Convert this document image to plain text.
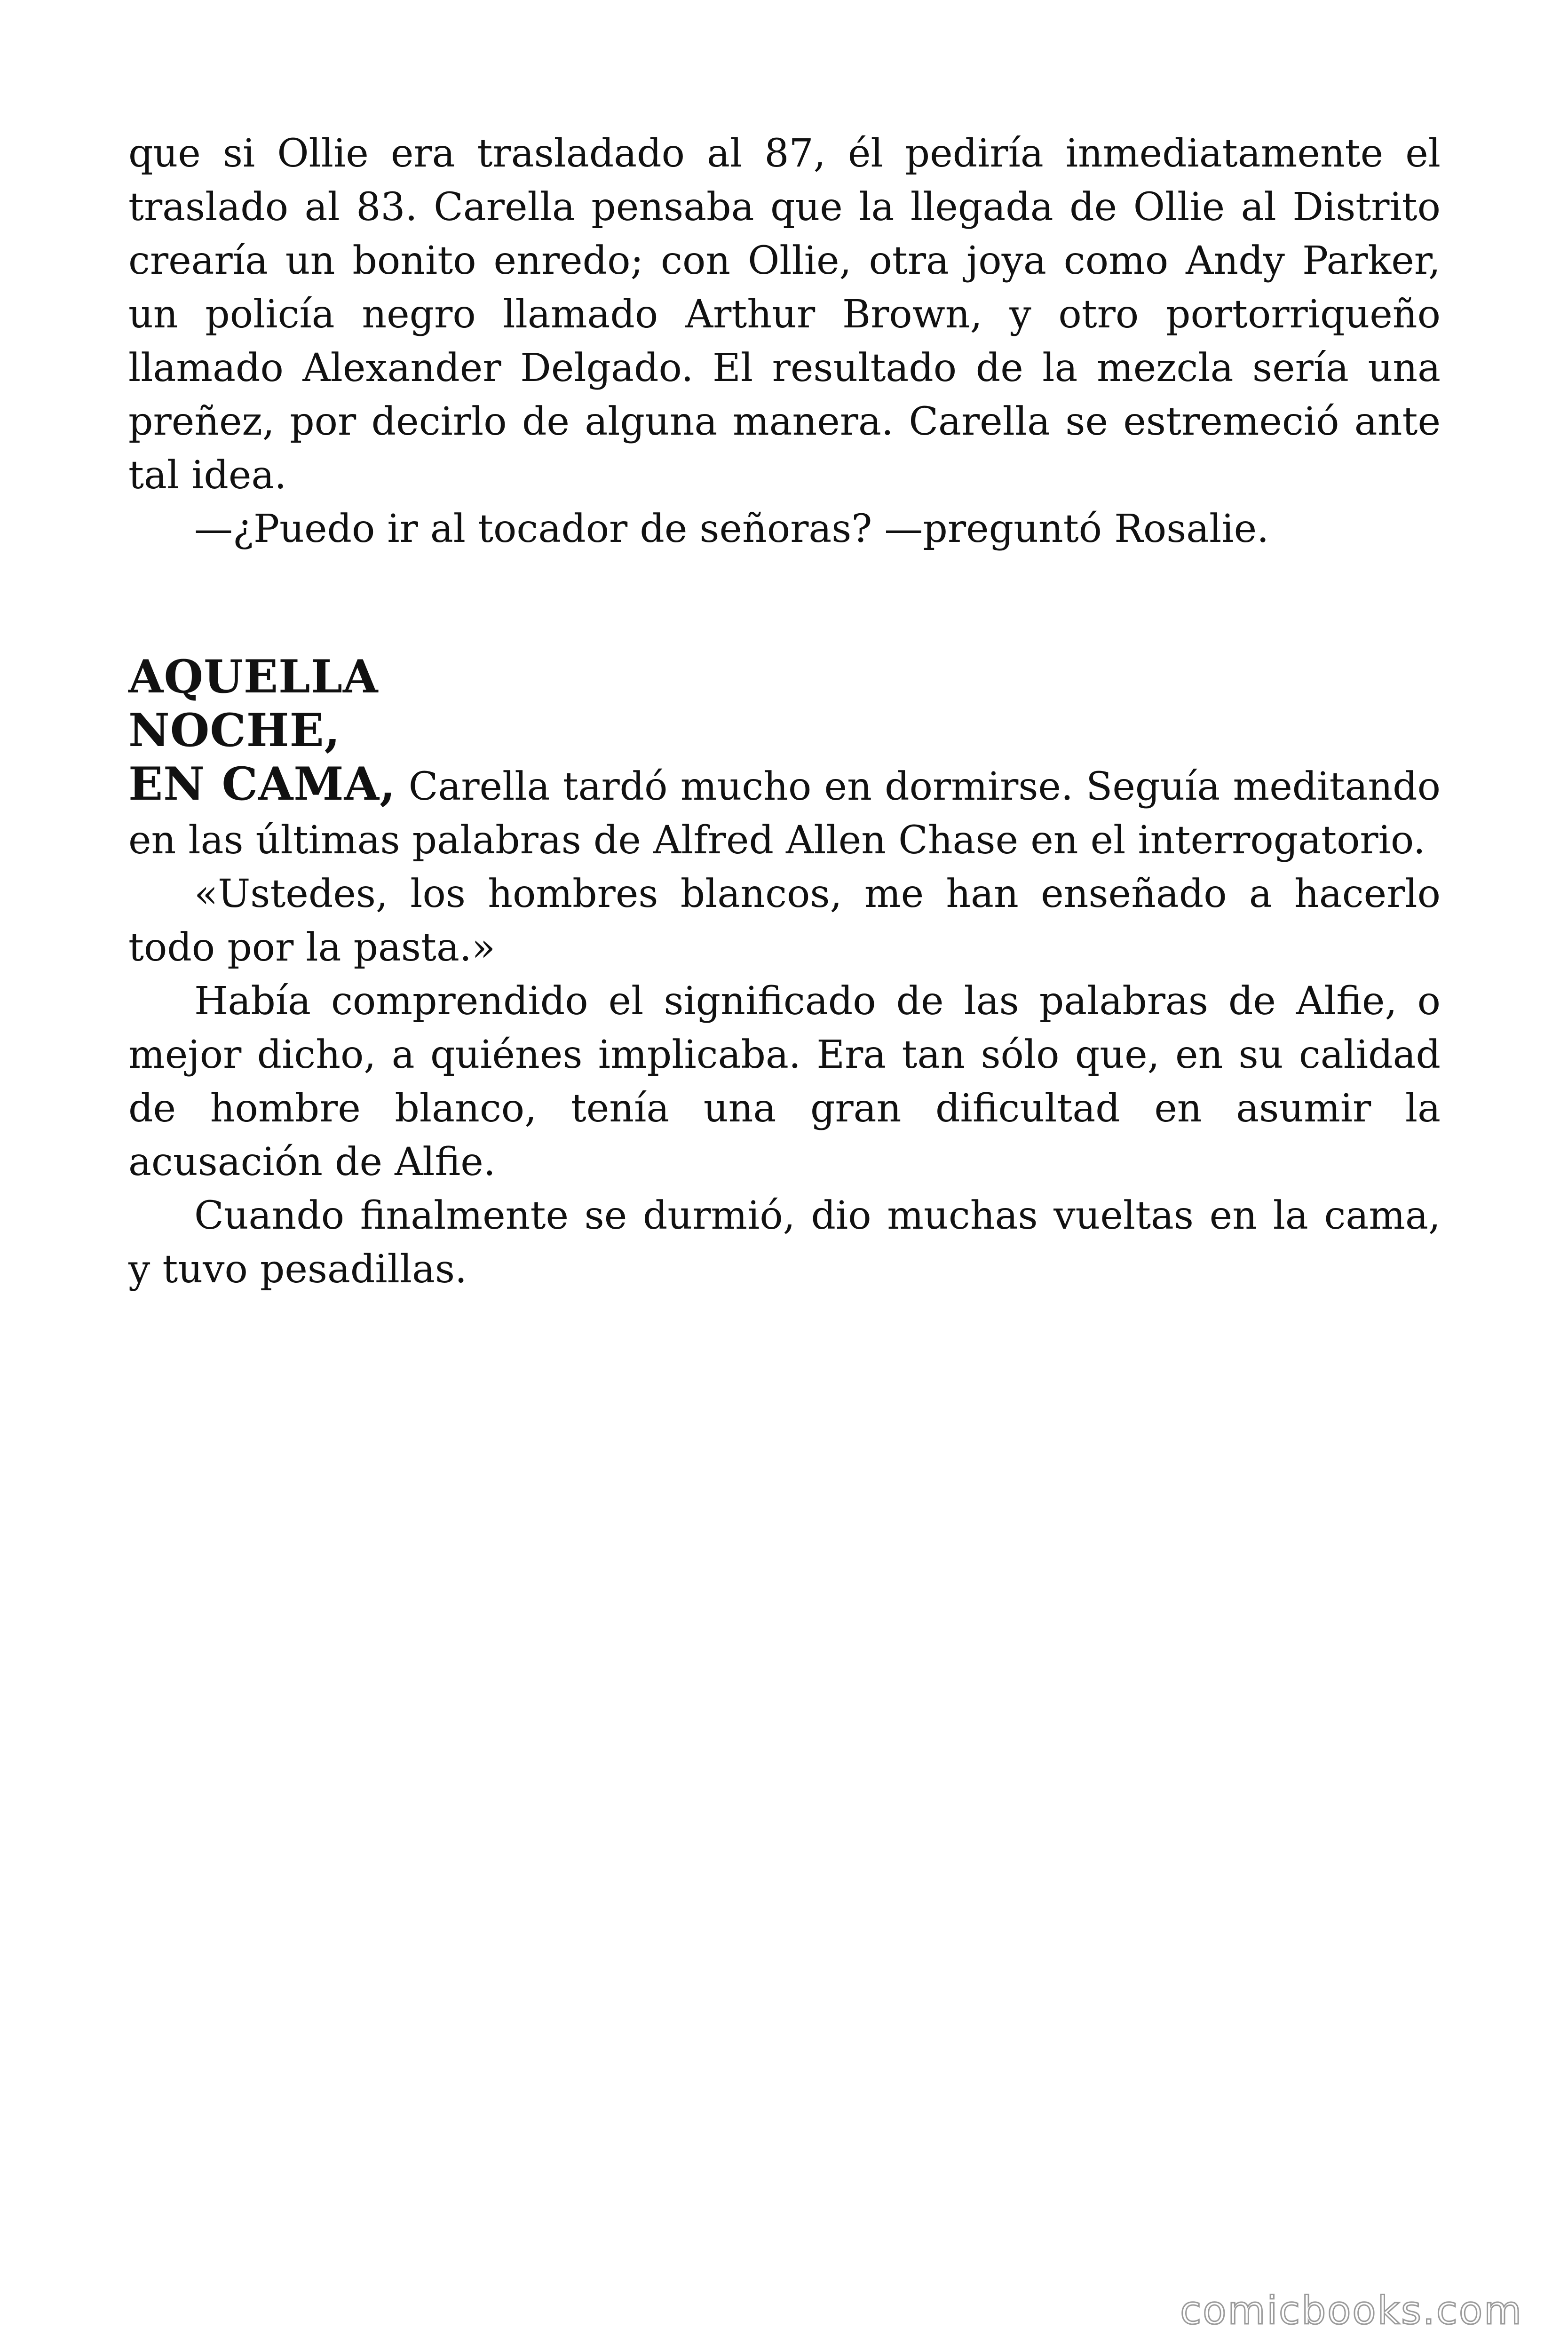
que si Ollie era trasladado al 87, él pediría inmediatamente el traslado al 83. Carella pensaba que la llegada de Ollie al Distrito crearía un bonito enredo; con Ollie, otra joya como Andy Parker, un policía negro llamado Arthur Brown, y otro portorriqueño llamado Alexander Delgado. El resultado de la mezcla sería una preñez, por decirlo de alguna manera. Carella se estremeció ante tal idea.

—¿Puedo ir al tocador de señoras? —preguntó Rosalie.

AQUELLA
NOCHE,

EN CAMA, Carella tardó mucho en dormirse. Seguía meditando en las últimas palabras de Alfred Allen Chase en el interrogatorio.

«Ustedes, los hombres blancos, me han enseñado a hacerlo todo por la pasta.»

Había comprendido el significado de las palabras de Alfie, o mejor dicho, a quiénes implicaba. Era tan sólo que, en su calidad de hombre blanco, tenía una gran dificultad en asumir la acusación de Alfie.

Cuando finalmente se durmió, dio muchas vueltas en la cama, y tuvo pesadillas.

comicbooks.com
